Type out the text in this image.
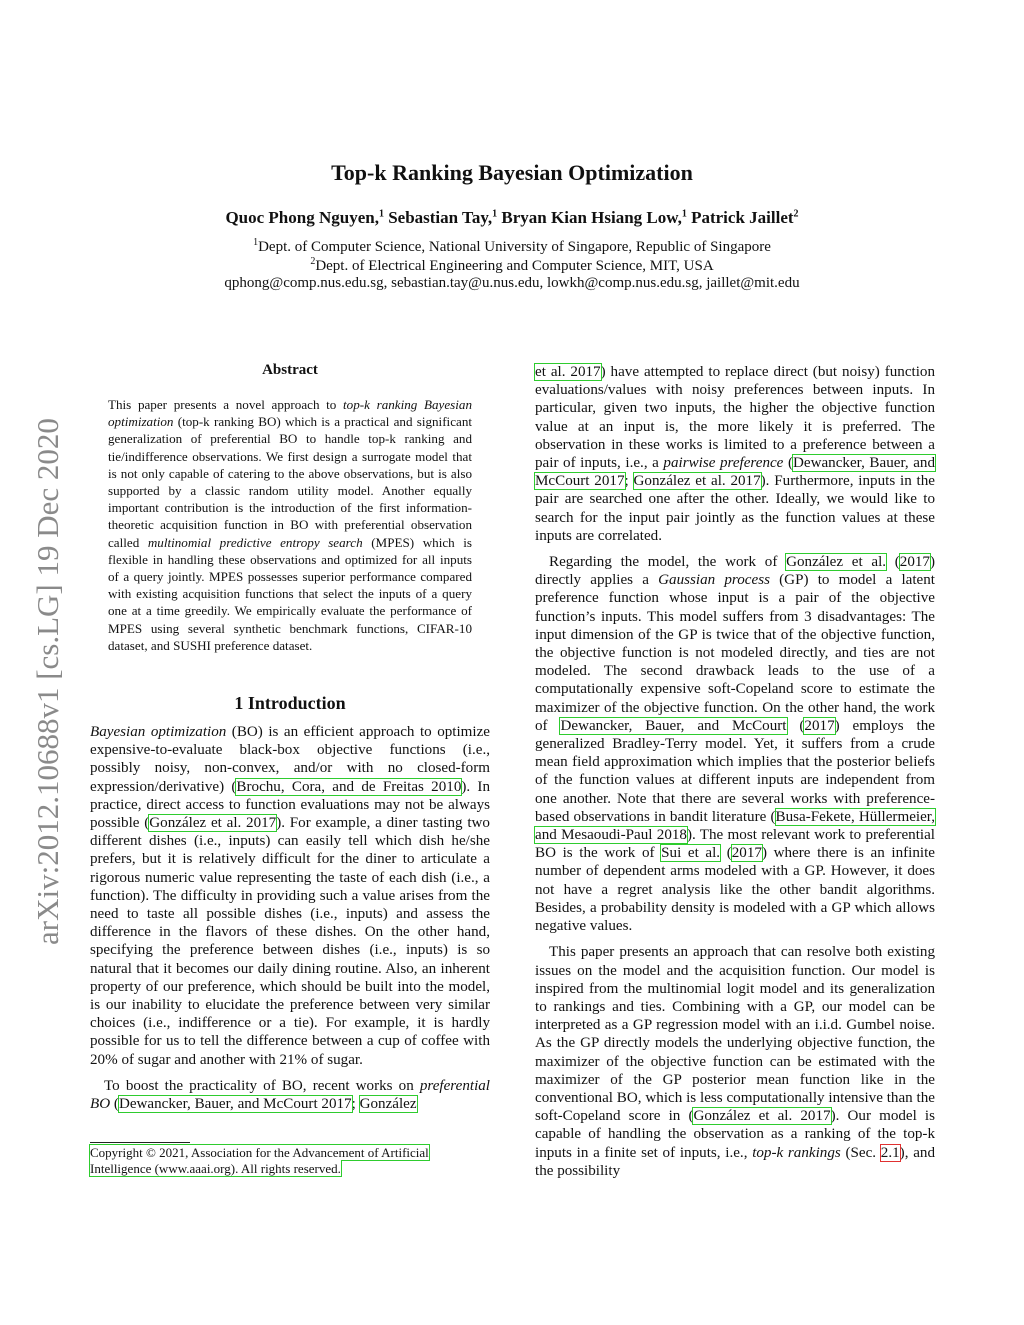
arXiv:2012.10688v1 [cs.LG] 19 Dec 2020
Top-k Ranking Bayesian Optimization
Quoc Phong Nguyen,$^1$ Sebastian Tay,$^1$ Bryan Kian Hsiang Low,$^1$ Patrick Jaillet$^2$
$^1$Dept. of Computer Science, National University of Singapore, Republic of Singapore
$^2$Dept. of Electrical Engineering and Computer Science, MIT, USA
qphong@comp.nus.edu.sg, sebastian.tay@u.nus.edu, lowkh@comp.nus.edu.sg, jaillet@mit.edu
Abstract
This paper presents a novel approach to top-k ranking Bayesian optimization (top-k ranking BO) which is a practical and significant generalization of preferential BO to handle top-k ranking and tie/indifference observations. We first design a surrogate model that is not only capable of catering to the above observations, but is also supported by a classic random utility model. Another equally important contribution is the introduction of the first information-theoretic acquisition function in BO with preferential observation called multinomial predictive entropy search (MPES) which is flexible in handling these observations and optimized for all inputs of a query jointly. MPES possesses superior performance compared with existing acquisition functions that select the inputs of a query one at a time greedily. We empirically evaluate the performance of MPES using several synthetic benchmark functions, CIFAR-10 dataset, and SUSHI preference dataset.
1 Introduction

Bayesian optimization (BO) is an efficient approach to optimize expensive-to-evaluate black-box objective functions (i.e., possibly noisy, non-convex, and/or with no closed-form expression/derivative) (Brochu, Cora, and de Freitas 2010). In practice, direct access to function evaluations may not be always possible (González et al. 2017). For example, a diner tasting two different dishes (i.e., inputs) can easily tell which dish he/she prefers, but it is relatively difficult for the diner to articulate a rigorous numeric value representing the taste of each dish (i.e., a function). The difficulty in providing such a value arises from the need to taste all possible dishes (i.e., inputs) and assess the difference in the flavors of these dishes. On the other hand, specifying the preference between dishes (i.e., inputs) is so natural that it becomes our daily dining routine. Also, an inherent property of our preference, which should be built into the model, is our inability to elucidate the preference between very similar choices (i.e., indifference or a tie). For example, it is hardly possible for us to tell the difference between a cup of coffee with 20% of sugar and another with 21% of sugar.

To boost the practicality of BO, recent works on preferential BO (Dewancker, Bauer, and McCourt 2017; González

Copyright © 2021, Association for the Advancement of Artificial Intelligence (www.aaai.org). All rights reserved.

et al. 2017) have attempted to replace direct (but noisy) function evaluations/values with noisy preferences between inputs. In particular, given two inputs, the higher the objective function value at an input is, the more likely it is preferred. The observation in these works is limited to a preference between a pair of inputs, i.e., a pairwise preference (Dewancker, Bauer, and McCourt 2017; González et al. 2017). Furthermore, inputs in the pair are searched one after the other. Ideally, we would like to search for the input pair jointly as the function values at these inputs are correlated.

Regarding the model, the work of González et al. (2017) directly applies a Gaussian process (GP) to model a latent preference function whose input is a pair of the objective function’s inputs. This model suffers from 3 disadvantages: The input dimension of the GP is twice that of the objective function, the objective function is not modeled directly, and ties are not modeled. The second drawback leads to the use of a computationally expensive soft-Copeland score to estimate the maximizer of the objective function. On the other hand, the work of Dewancker, Bauer, and McCourt (2017) employs the generalized Bradley-Terry model. Yet, it suffers from a crude mean field approximation which implies that the posterior beliefs of the function values at different inputs are independent from one another. Note that there are several works with preference-based observations in bandit literature (Busa-Fekete, Hüllermeier, and Mesaoudi-Paul 2018). The most relevant work to preferential BO is the work of Sui et al. (2017) where there is an infinite number of dependent arms modeled with a GP. However, it does not have a regret analysis like the other bandit algorithms. Besides, a probability density is modeled with a GP which allows negative values.

This paper presents an approach that can resolve both existing issues on the model and the acquisition function. Our model is inspired from the multinomial logit model and its generalization to rankings and ties. Combining with a GP, our model can be interpreted as a GP regression model with an i.i.d. Gumbel noise. As the GP directly models the underlying objective function, the maximizer of the objective function can be estimated with the maximizer of the GP posterior mean function like in the conventional BO, which is less computationally intensive than the soft-Copeland score in (González et al. 2017). Our model is capable of handling the observation as a ranking of the top-k inputs in a finite set of inputs, i.e., top-k rankings (Sec. 2.1), and the possibility
